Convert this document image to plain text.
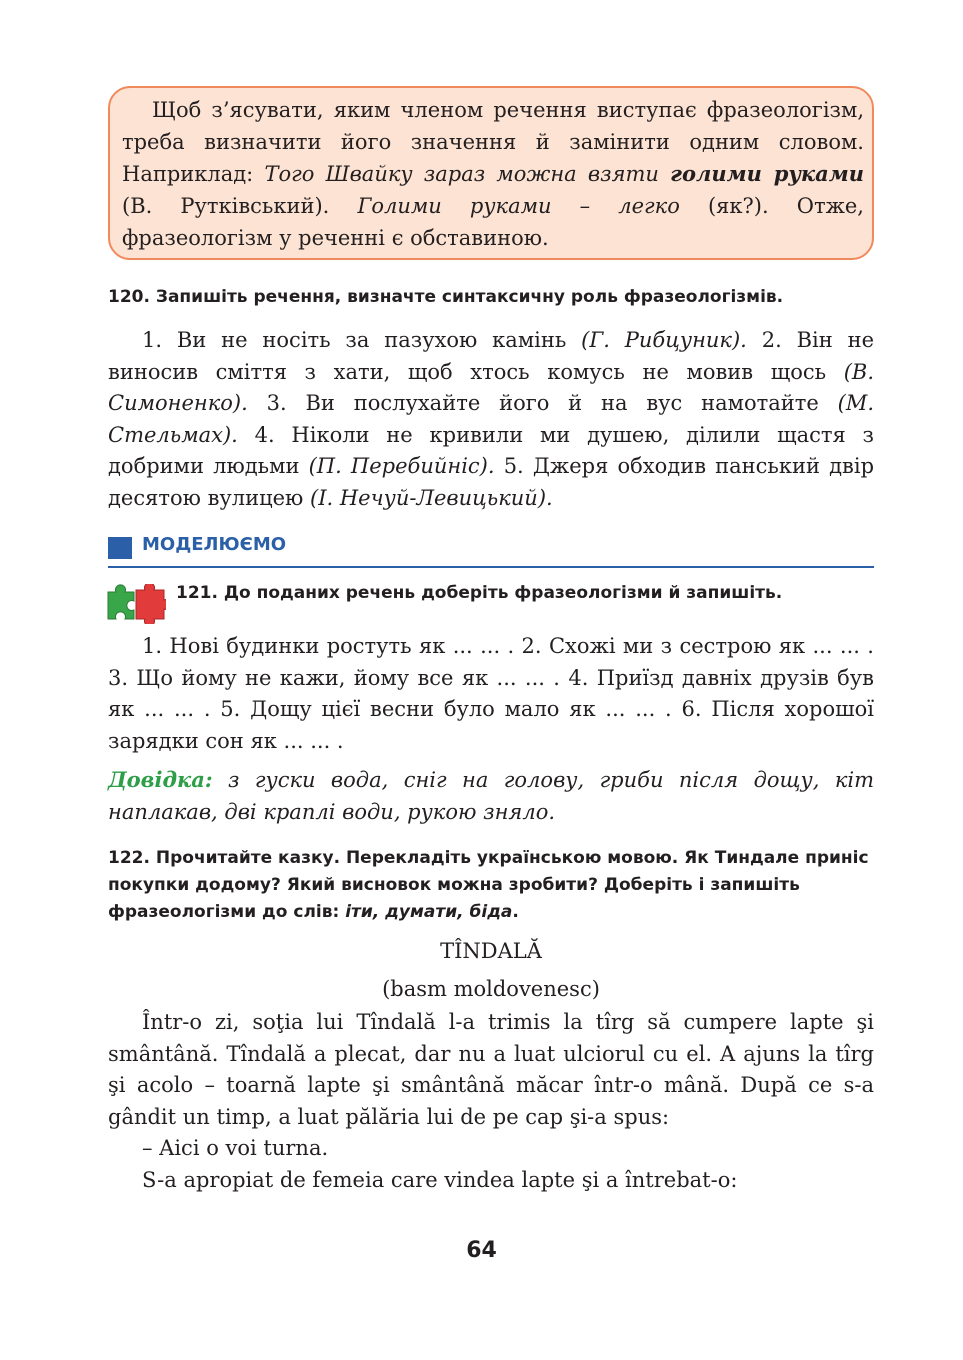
Щоб з’ясувати, яким членом речення виступає фразеологізм, треба визначити його значення й замінити одним словом. Наприклад: Того Швайку зараз можна взяти голими руками (В. Рутківський). Голими руками – легко (як?). Отже, фразеологізм у реченні є обставиною.

120. Запишіть речення, визначте синтаксичну роль фразеологізмів.

1. Ви не носіть за пазухою камінь (Г. Рибцуник). 2. Він не виносив сміття з хати, щоб хтось комусь не мовив щось (В. Симоненко). 3. Ви послухайте його й на вус намотайте (М. Стельмах). 4. Ніколи не кривили ми душею, ділили щастя з добрими людьми (П. Перебийніс). 5. Джеря обходив панський двір десятою вулицею (І. Нечуй-Левицький).

МОДЕЛЮЄМО
121. До поданих речень доберіть фразеологізми й запишіть.

1. Нові будинки ростуть як ... ... . 2. Схожі ми з сестрою як ... ... . 3. Що йому не кажи, йому все як ... ... . 4. Приїзд давніх друзів був як ... ... . 5. Дощу цієї весни було мало як ... ... . 6. Після хорошої зарядки сон як ... ... .

Довідка: з гуски вода, сніг на голову, гриби після дощу, кіт наплакав, дві краплі води, рукою зняло.
122. Прочитайте казку. Перекладіть українською мовою. Як Тиндале приніс покупки додому? Який висновок можна зробити? Доберіть і запишіть фразеологізми до слів: іти, думати, біда.
TÎNDALĂ
(basm moldovenesc)

Într-o zi, soţia lui Tîndală l-a trimis la tîrg să cumpere lapte şi smântână. Tîndală a plecat, dar nu a luat ulciorul cu el. A ajuns la tîrg şi acolo – toarnă lapte şi smântână măcar într-o mână. După ce s-a gândit un timp, a luat pălăria lui de pe cap şi-a spus:

– Aici o voi turna.

S-a apropiat de femeia care vindea lapte şi a întrebat-o:

64
